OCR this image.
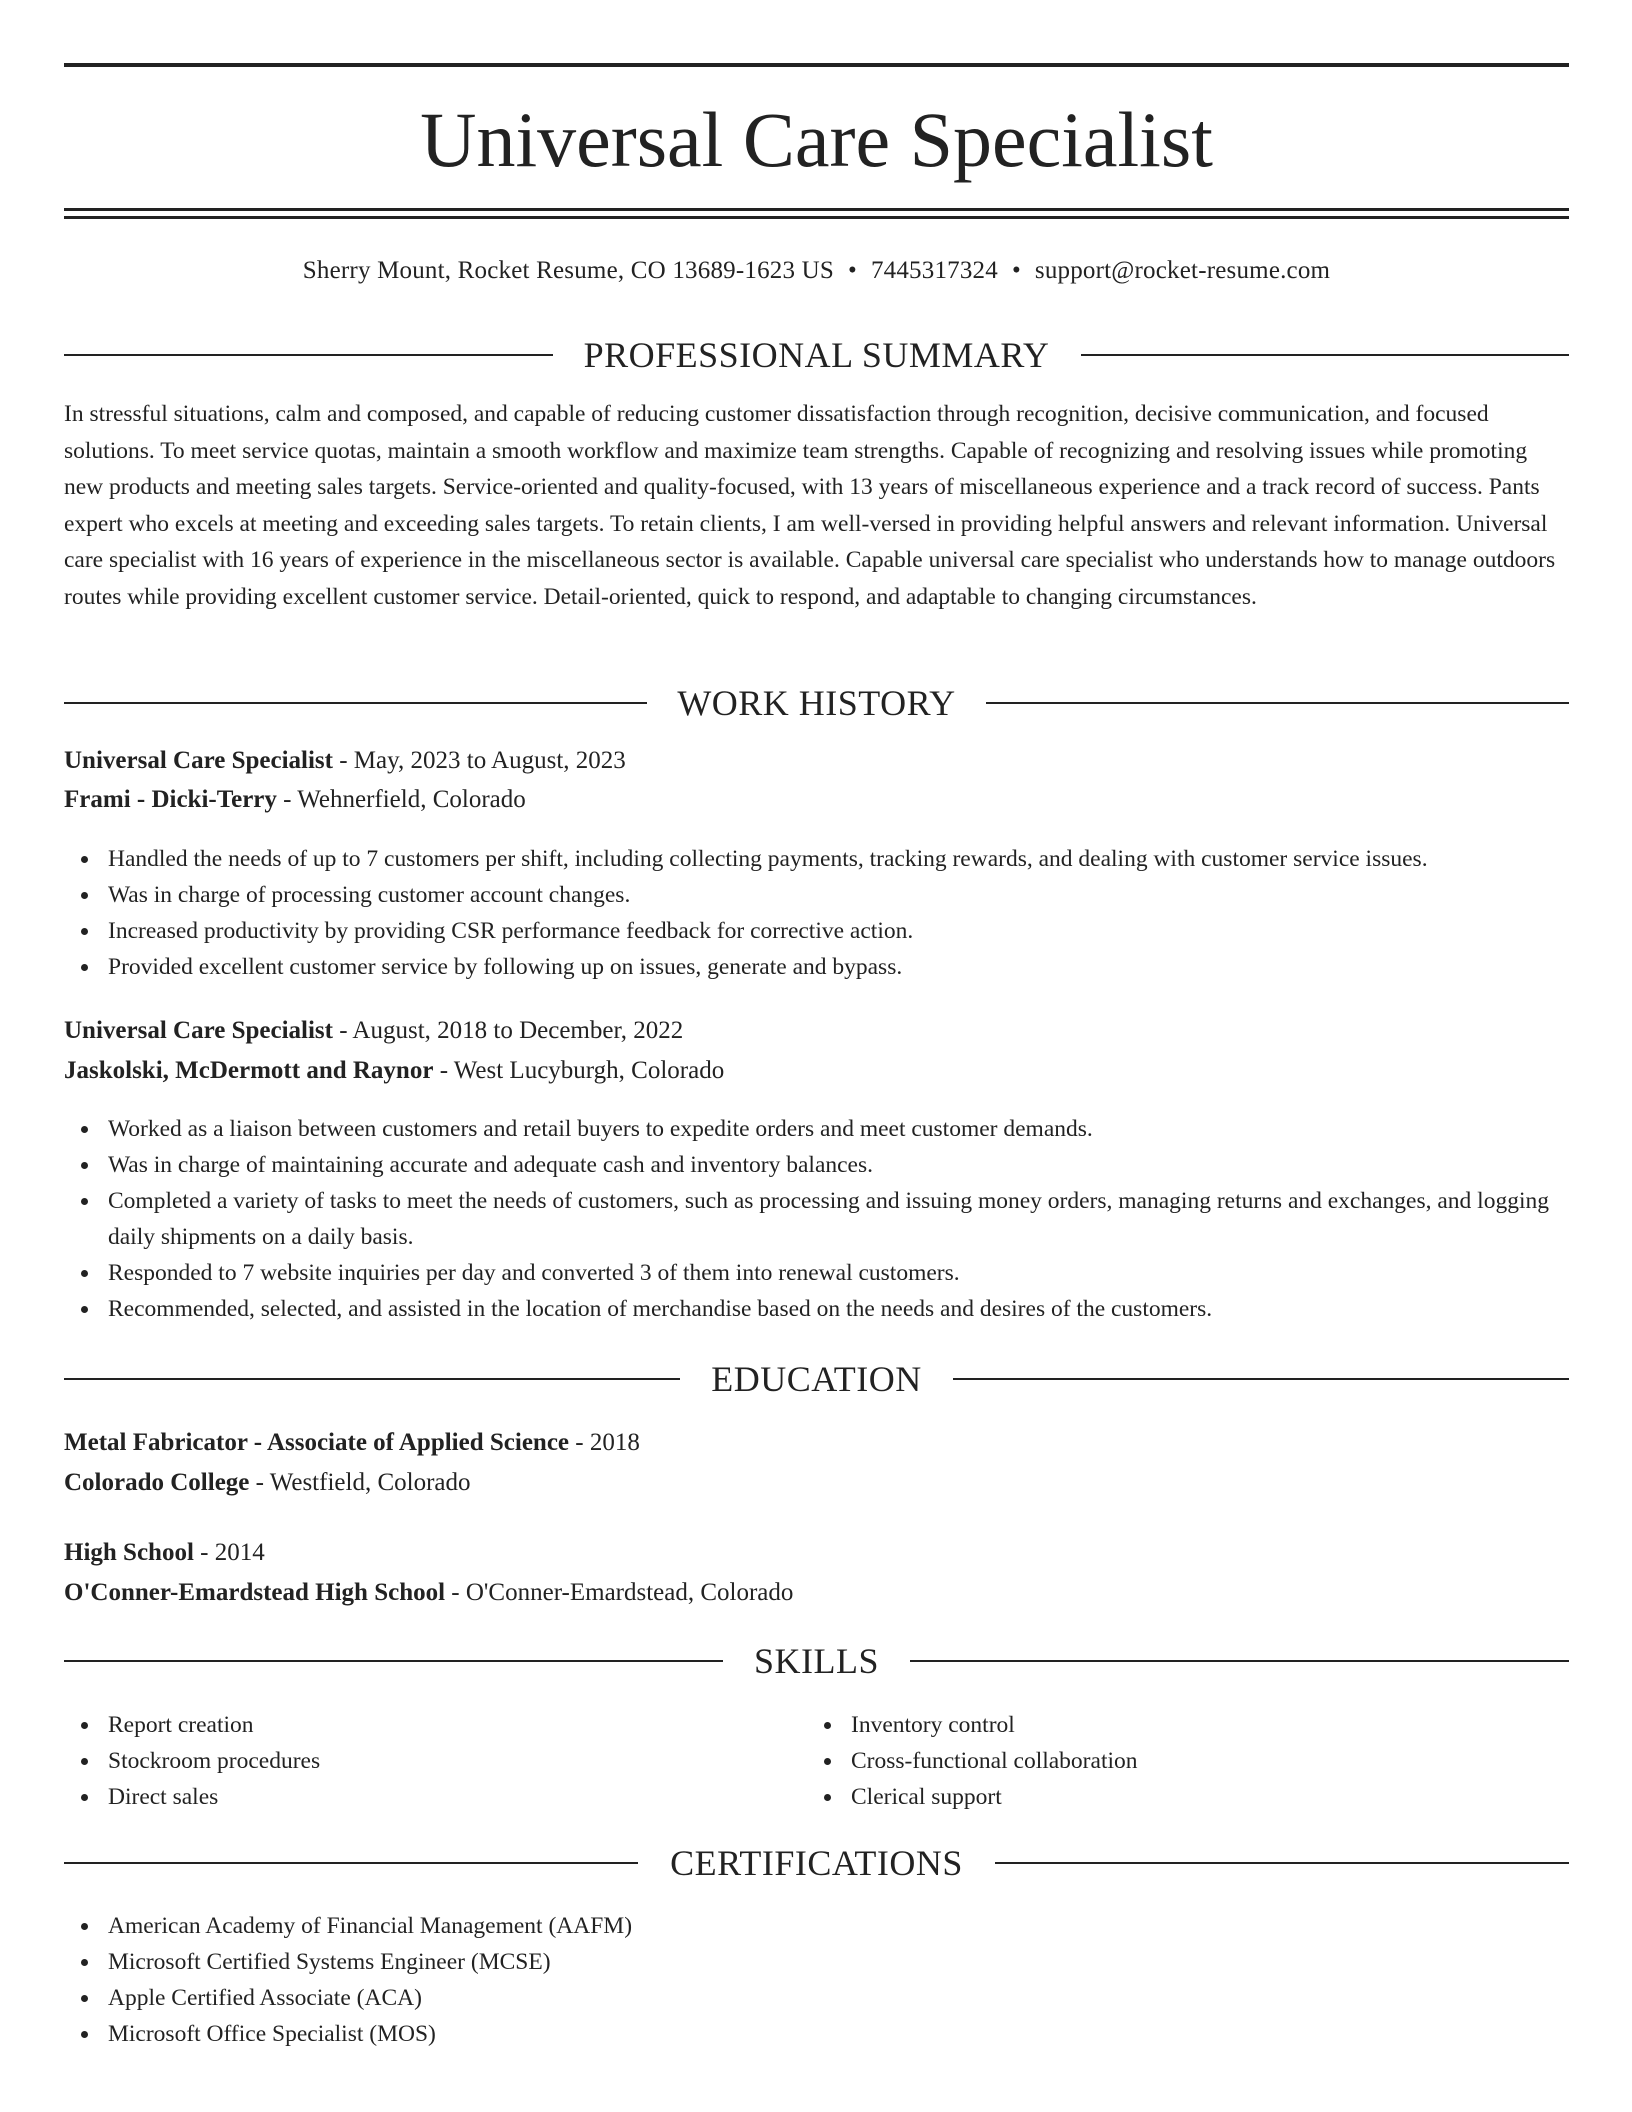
Universal Care Specialist
Sherry Mount, Rocket Resume, CO 13689-1623 US • 7445317324 • support@rocket-resume.com
PROFESSIONAL SUMMARY

In stressful situations, calm and composed, and capable of reducing customer dissatisfaction through recognition, decisive communication, and focused solutions. To meet service quotas, maintain a smooth workflow and maximize team strengths. Capable of recognizing and resolving issues while promoting new products and meeting sales targets. Service-oriented and quality-focused, with 13 years of miscellaneous experience and a track record of success. Pants expert who excels at meeting and exceeding sales targets. To retain clients, I am well-versed in providing helpful answers and relevant information. Universal care specialist with 16 years of experience in the miscellaneous sector is available. Capable universal care specialist who understands how to manage outdoors routes while providing excellent customer service. Detail-oriented, quick to respond, and adaptable to changing circumstances.

WORK HISTORY
Universal Care Specialist - May, 2023 to August, 2023
Frami - Dicki-Terry - Wehnerfield, Colorado
Handled the needs of up to 7 customers per shift, including collecting payments, tracking rewards, and dealing with customer service issues.
Was in charge of processing customer account changes.
Increased productivity by providing CSR performance feedback for corrective action.
Provided excellent customer service by following up on issues, generate and bypass.
Universal Care Specialist - August, 2018 to December, 2022
Jaskolski, McDermott and Raynor - West Lucyburgh, Colorado
Worked as a liaison between customers and retail buyers to expedite orders and meet customer demands.
Was in charge of maintaining accurate and adequate cash and inventory balances.
Completed a variety of tasks to meet the needs of customers, such as processing and issuing money orders, managing returns and exchanges, and logging daily shipments on a daily basis.
Responded to 7 website inquiries per day and converted 3 of them into renewal customers.
Recommended, selected, and assisted in the location of merchandise based on the needs and desires of the customers.
EDUCATION
Metal Fabricator - Associate of Applied Science - 2018
Colorado College - Westfield, Colorado
High School - 2014
O'Conner-Emardstead High School - O'Conner-Emardstead, Colorado
SKILLS
Report creation
Stockroom procedures
Direct sales
Inventory control
Cross-functional collaboration
Clerical support
CERTIFICATIONS
American Academy of Financial Management (AAFM)
Microsoft Certified Systems Engineer (MCSE)
Apple Certified Associate (ACA)
Microsoft Office Specialist (MOS)
